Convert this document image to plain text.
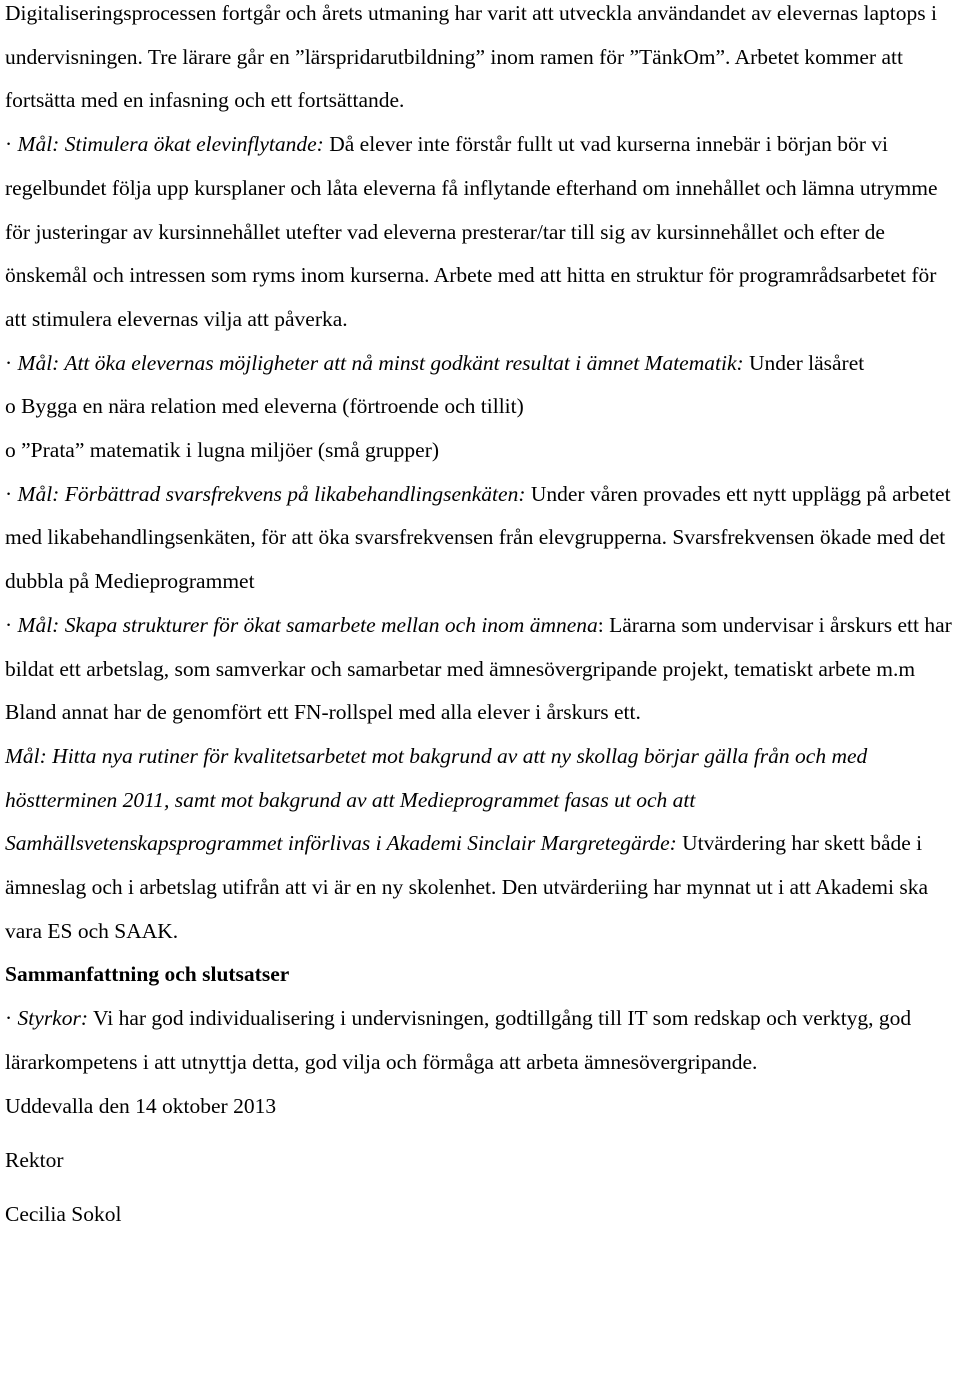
Digitaliseringsprocessen fortgår och årets utmaning har varit att utveckla användandet av elevernas laptops i undervisningen. Tre lärare går en ”lärspridarutbildning” inom ramen för ”TänkOm”. Arbetet kommer att fortsätta med en infasning och ett fortsättande.

· Mål: Stimulera ökat elevinflytande: Då elever inte förstår fullt ut vad kurserna innebär i början bör vi regelbundet följa upp kursplaner och låta eleverna få inflytande efterhand om innehållet och lämna utrymme för justeringar av kursinnehållet utefter vad eleverna presterar/tar till sig av kursinnehållet och efter de önskemål och intressen som ryms inom kurserna. Arbete med att hitta en struktur för programrådsarbetet för att stimulera elevernas vilja att påverka.

· Mål: Att öka elevernas möjligheter att nå minst godkänt resultat i ämnet Matematik: Under läsåret

o Bygga en nära relation med eleverna (förtroende och tillit)

o ”Prata” matematik i lugna miljöer (små grupper)

· Mål: Förbättrad svarsfrekvens på likabehandlingsenkäten: Under våren provades ett nytt upplägg på arbetet med likabehandlingsenkäten, för att öka svarsfrekvensen från elevgrupperna. Svarsfrekvensen ökade med det dubbla på Medieprogrammet

· Mål: Skapa strukturer för ökat samarbete mellan och inom ämnena: Lärarna som undervisar i årskurs ett har bildat ett arbetslag, som samverkar och samarbetar med ämnesövergripande projekt, tematiskt arbete m.m Bland annat har de genomfört ett FN-rollspel med alla elever i årskurs ett.

Mål: Hitta nya rutiner för kvalitetsarbetet mot bakgrund av att ny skollag börjar gälla från och med höstterminen 2011, samt mot bakgrund av att Medieprogrammet fasas ut och att Samhällsvetenskapsprogrammet införlivas i Akademi Sinclair Margretegärde: Utvärdering har skett både i ämneslag och i arbetslag utifrån att vi är en ny skolenhet. Den utvärderiing har mynnat ut i att Akademi ska vara ES och SAAK.

Sammanfattning och slutsatser

· Styrkor: Vi har god individualisering i undervisningen, godtillgång till IT som redskap och verktyg, god lärarkompetens i att utnyttja detta, god vilja och förmåga att arbeta ämnesövergripande.

Uddevalla den 14 oktober 2013

Rektor

Cecilia Sokol
